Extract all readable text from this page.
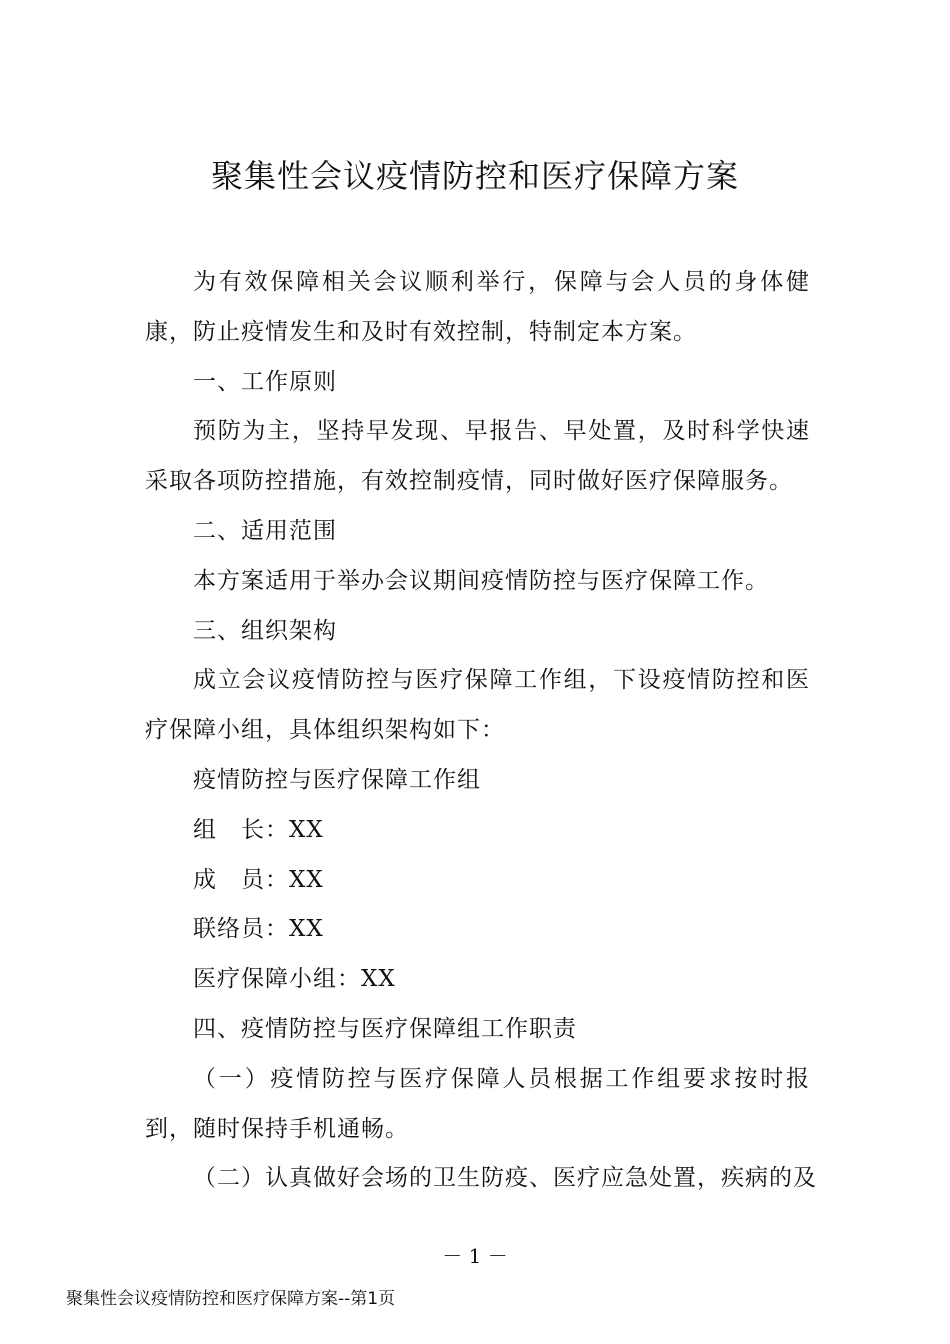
聚集性会议疫情防控和医疗保障方案

为有效保障相关会议顺利举行，保障与会人员的身体健康，防止疫情发生和及时有效控制，特制定本方案。

一、工作原则

预防为主，坚持早发现、早报告、早处置，及时科学快速采取各项防控措施，有效控制疫情，同时做好医疗保障服务。

二、适用范围

本方案适用于举办会议期间疫情防控与医疗保障工作。

三、组织架构

成立会议疫情防控与医疗保障工作组，下设疫情防控和医疗保障小组，具体组织架构如下：

疫情防控与医疗保障工作组

组　长：XX

成　员：XX

联络员：XX

医疗保障小组：XX

四、疫情防控与医疗保障组工作职责

（一）疫情防控与医疗保障人员根据工作组要求按时报到，随时保持手机通畅。

（二）认真做好会场的卫生防疫、医疗应急处置，疾病的及

－ 1 －

聚集性会议疫情防控和医疗保障方案--第1页
